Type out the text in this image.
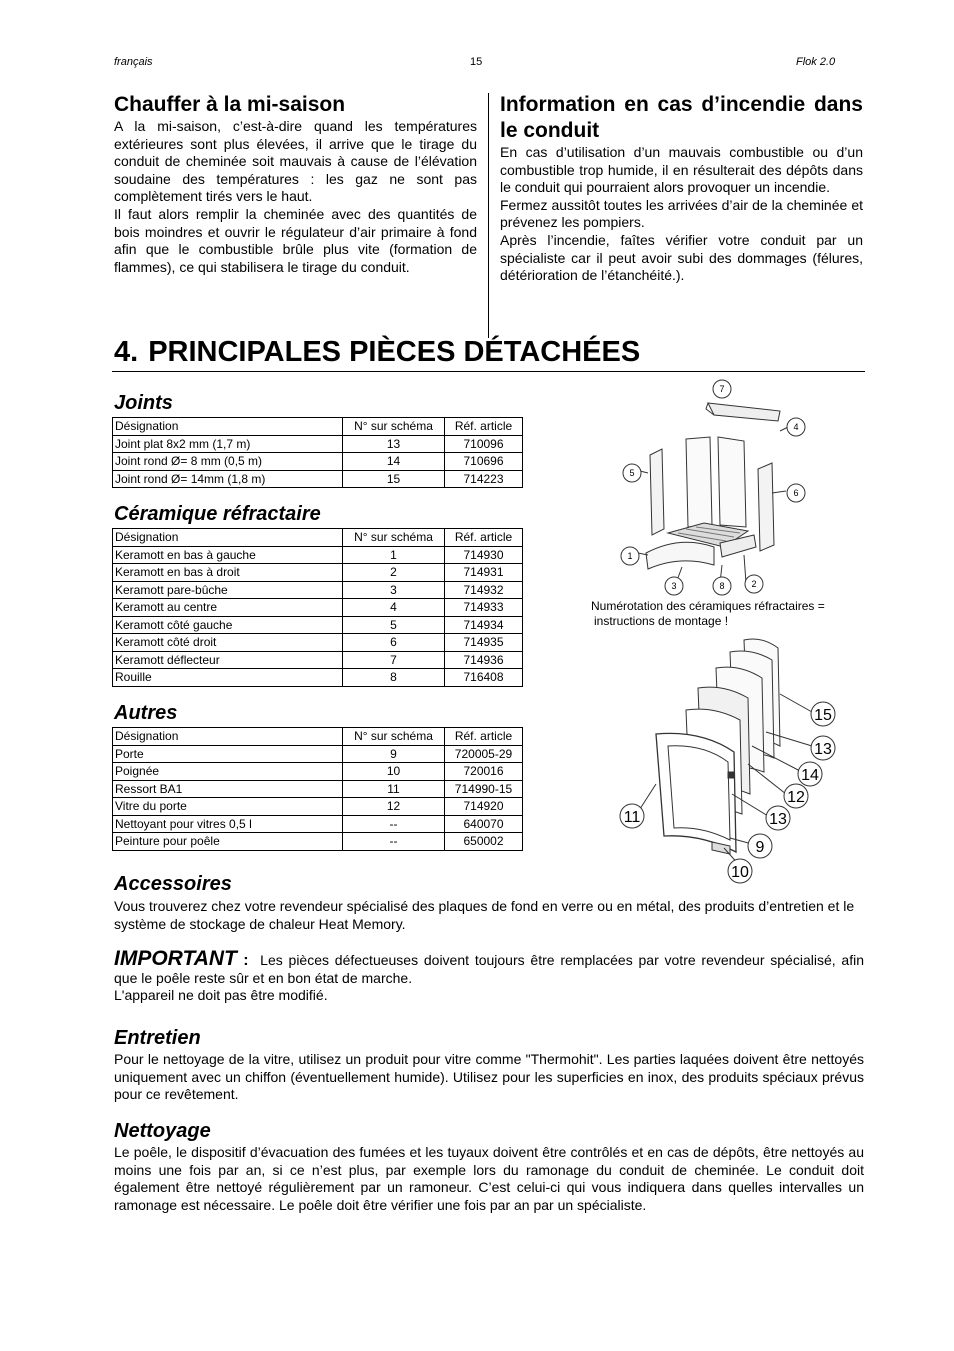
français	15	Flok 2.0
Chauffer à la mi-saison

A la mi-saison, c’est-à-dire quand les températures extérieures sont plus élevées, il arrive que le tirage du conduit de cheminée soit mauvais à cause de l’élévation soudaine des températures : les gaz ne sont pas complètement tirés vers le haut.

Il faut alors remplir la cheminée avec des quantités de bois moindres et ouvrir le régulateur d’air primaire à fond afin que le combustible brûle plus vite (formation de flammes), ce qui stabilisera le tirage du conduit.

Information en cas d’incendie dans le conduit

En cas d’utilisation d’un mauvais combustible ou d’un combustible trop humide, il en résulterait des dépôts dans le conduit qui pourraient alors provoquer un incendie.

Fermez aussitôt toutes les arrivées d’air de la cheminée et prévenez les pompiers.

Après l’incendie, faîtes vérifier votre conduit par un spécialiste car il peut avoir subi des dommages (félures, détérioration de l’étanchéité.).

4. PRINCIPALES PIÈCES DÉTACHÉES
Joints
Désignation	N° sur schéma	Réf. article
Joint plat 8x2 mm (1,7 m)	13	710096
Joint rond Ø= 8 mm (0,5 m)	14	710696
Joint rond Ø= 14mm (1,8 m)	15	714223
Céramique réfractaire
Désignation	N° sur schéma	Réf. article
Keramott en bas à gauche	1	714930
Keramott en bas à droit	2	714931
Keramott pare-bûche	3	714932
Keramott au centre	4	714933
Keramott côté gauche	5	714934
Keramott côté droit	6	714935
Keramott déflecteur	7	714936
Rouille	8	716408
Autres
Désignation	N° sur schéma	Réf. article
Porte	9	720005-29
Poignée	10	720016
Ressort BA1	11	714990-15
Vitre du porte	12	714920
Nettoyant pour vitres 0,5 l	--	640070
Peinture pour poêle	--	650002
7
4
5
6
1
3	8	2
Numérotation des céramiques réfractaires =
instructions de montage !
15
13
14
12
11	13
9
10
Accessoires
Vous trouverez chez votre revendeur spécialisé des plaques de fond en verre ou en métal, des produits d’entretien et le système de stockage de chaleur Heat Memory.

IMPORTANT : Les pièces défectueuses doivent toujours être remplacées par votre revendeur spécialisé, afin que le poêle reste sûr et en bon état de marche.

L'appareil ne doit pas être modifié.

Entretien
Pour le nettoyage de la vitre, utilisez un produit pour vitre comme "Thermohit". Les parties laquées doivent être nettoyés uniquement avec un chiffon (éventuellement humide). Utilisez pour les superficies en inox, des produits spéciaux prévus pour ce revêtement.
Nettoyage
Le poêle, le dispositif d’évacuation des fumées et les tuyaux doivent être contrôlés et en cas de dépôts, être nettoyés au moins une fois par an, si ce n’est plus, par exemple lors du ramonage du conduit de cheminée. Le conduit doit également être nettoyé régulièrement par un ramoneur. C’est celui-ci qui vous indiquera dans quelles intervalles un ramonage est nécessaire. Le poêle doit être vérifier une fois par an par un spécialiste.
